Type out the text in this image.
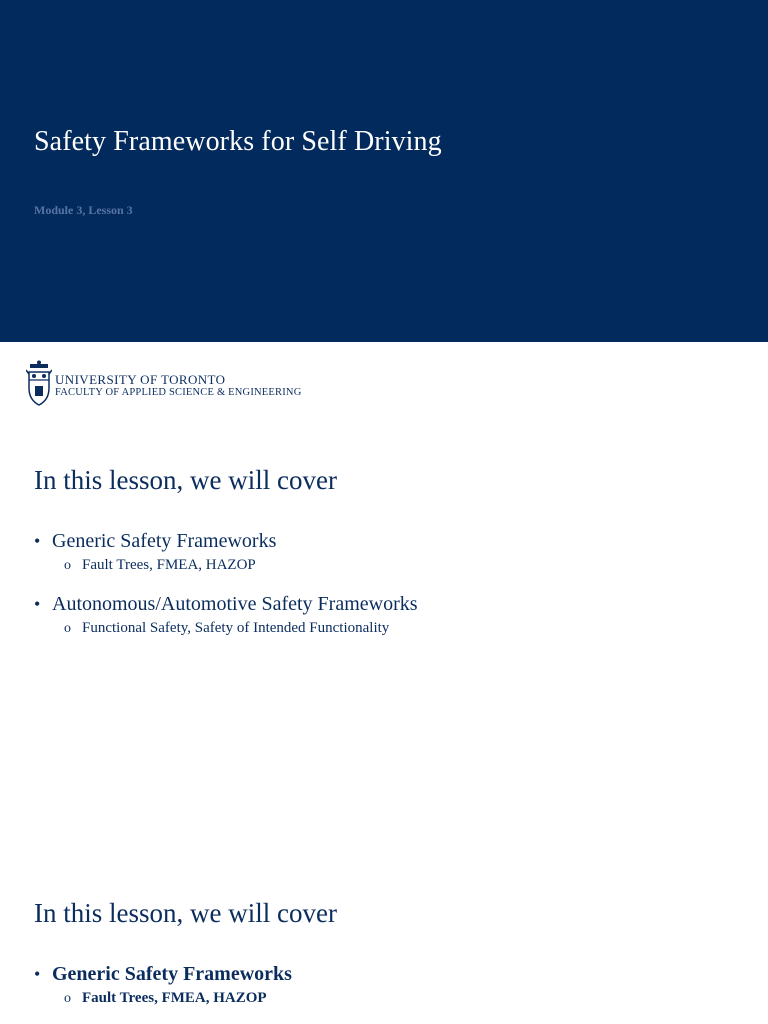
Safety Frameworks for Self Driving
Module 3, Lesson 3
UNIVERSITY OF TORONTO
FACULTY OF APPLIED SCIENCE & ENGINEERING
In this lesson, we will cover
• Generic Safety Frameworks
o Fault Trees, FMEA, HAZOP
• Autonomous/Automotive Safety Frameworks
o Functional Safety, Safety of Intended Functionality
In this lesson, we will cover
• Generic Safety Frameworks
o Fault Trees, FMEA, HAZOP
